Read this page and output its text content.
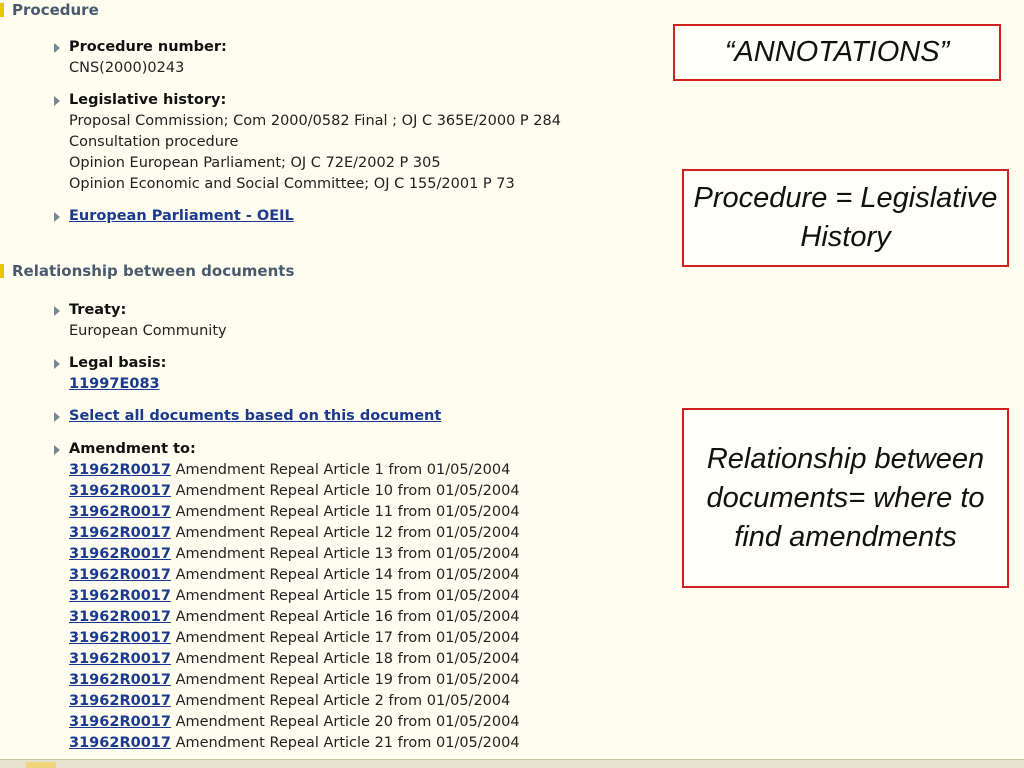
Procedure
Procedure number:
CNS(2000)0243
Legislative history:
Proposal Commission; Com 2000/0582 Final ; OJ C 365E/2000 P 284
Consultation procedure
Opinion European Parliament; OJ C 72E/2002 P 305
Opinion Economic and Social Committee; OJ C 155/2001 P 73
European Parliament - OEIL
Relationship between documents
Treaty:
European Community
Legal basis:
11997E083
Select all documents based on this document
Amendment to:
31962R0017 Amendment Repeal Article 1 from 01/05/2004
31962R0017 Amendment Repeal Article 10 from 01/05/2004
31962R0017 Amendment Repeal Article 11 from 01/05/2004
31962R0017 Amendment Repeal Article 12 from 01/05/2004
31962R0017 Amendment Repeal Article 13 from 01/05/2004
31962R0017 Amendment Repeal Article 14 from 01/05/2004
31962R0017 Amendment Repeal Article 15 from 01/05/2004
31962R0017 Amendment Repeal Article 16 from 01/05/2004
31962R0017 Amendment Repeal Article 17 from 01/05/2004
31962R0017 Amendment Repeal Article 18 from 01/05/2004
31962R0017 Amendment Repeal Article 19 from 01/05/2004
31962R0017 Amendment Repeal Article 2 from 01/05/2004
31962R0017 Amendment Repeal Article 20 from 01/05/2004
31962R0017 Amendment Repeal Article 21 from 01/05/2004
“ANNOTATIONS”
Procedure = Legislative History
Relationship between documents= where to find amendments
